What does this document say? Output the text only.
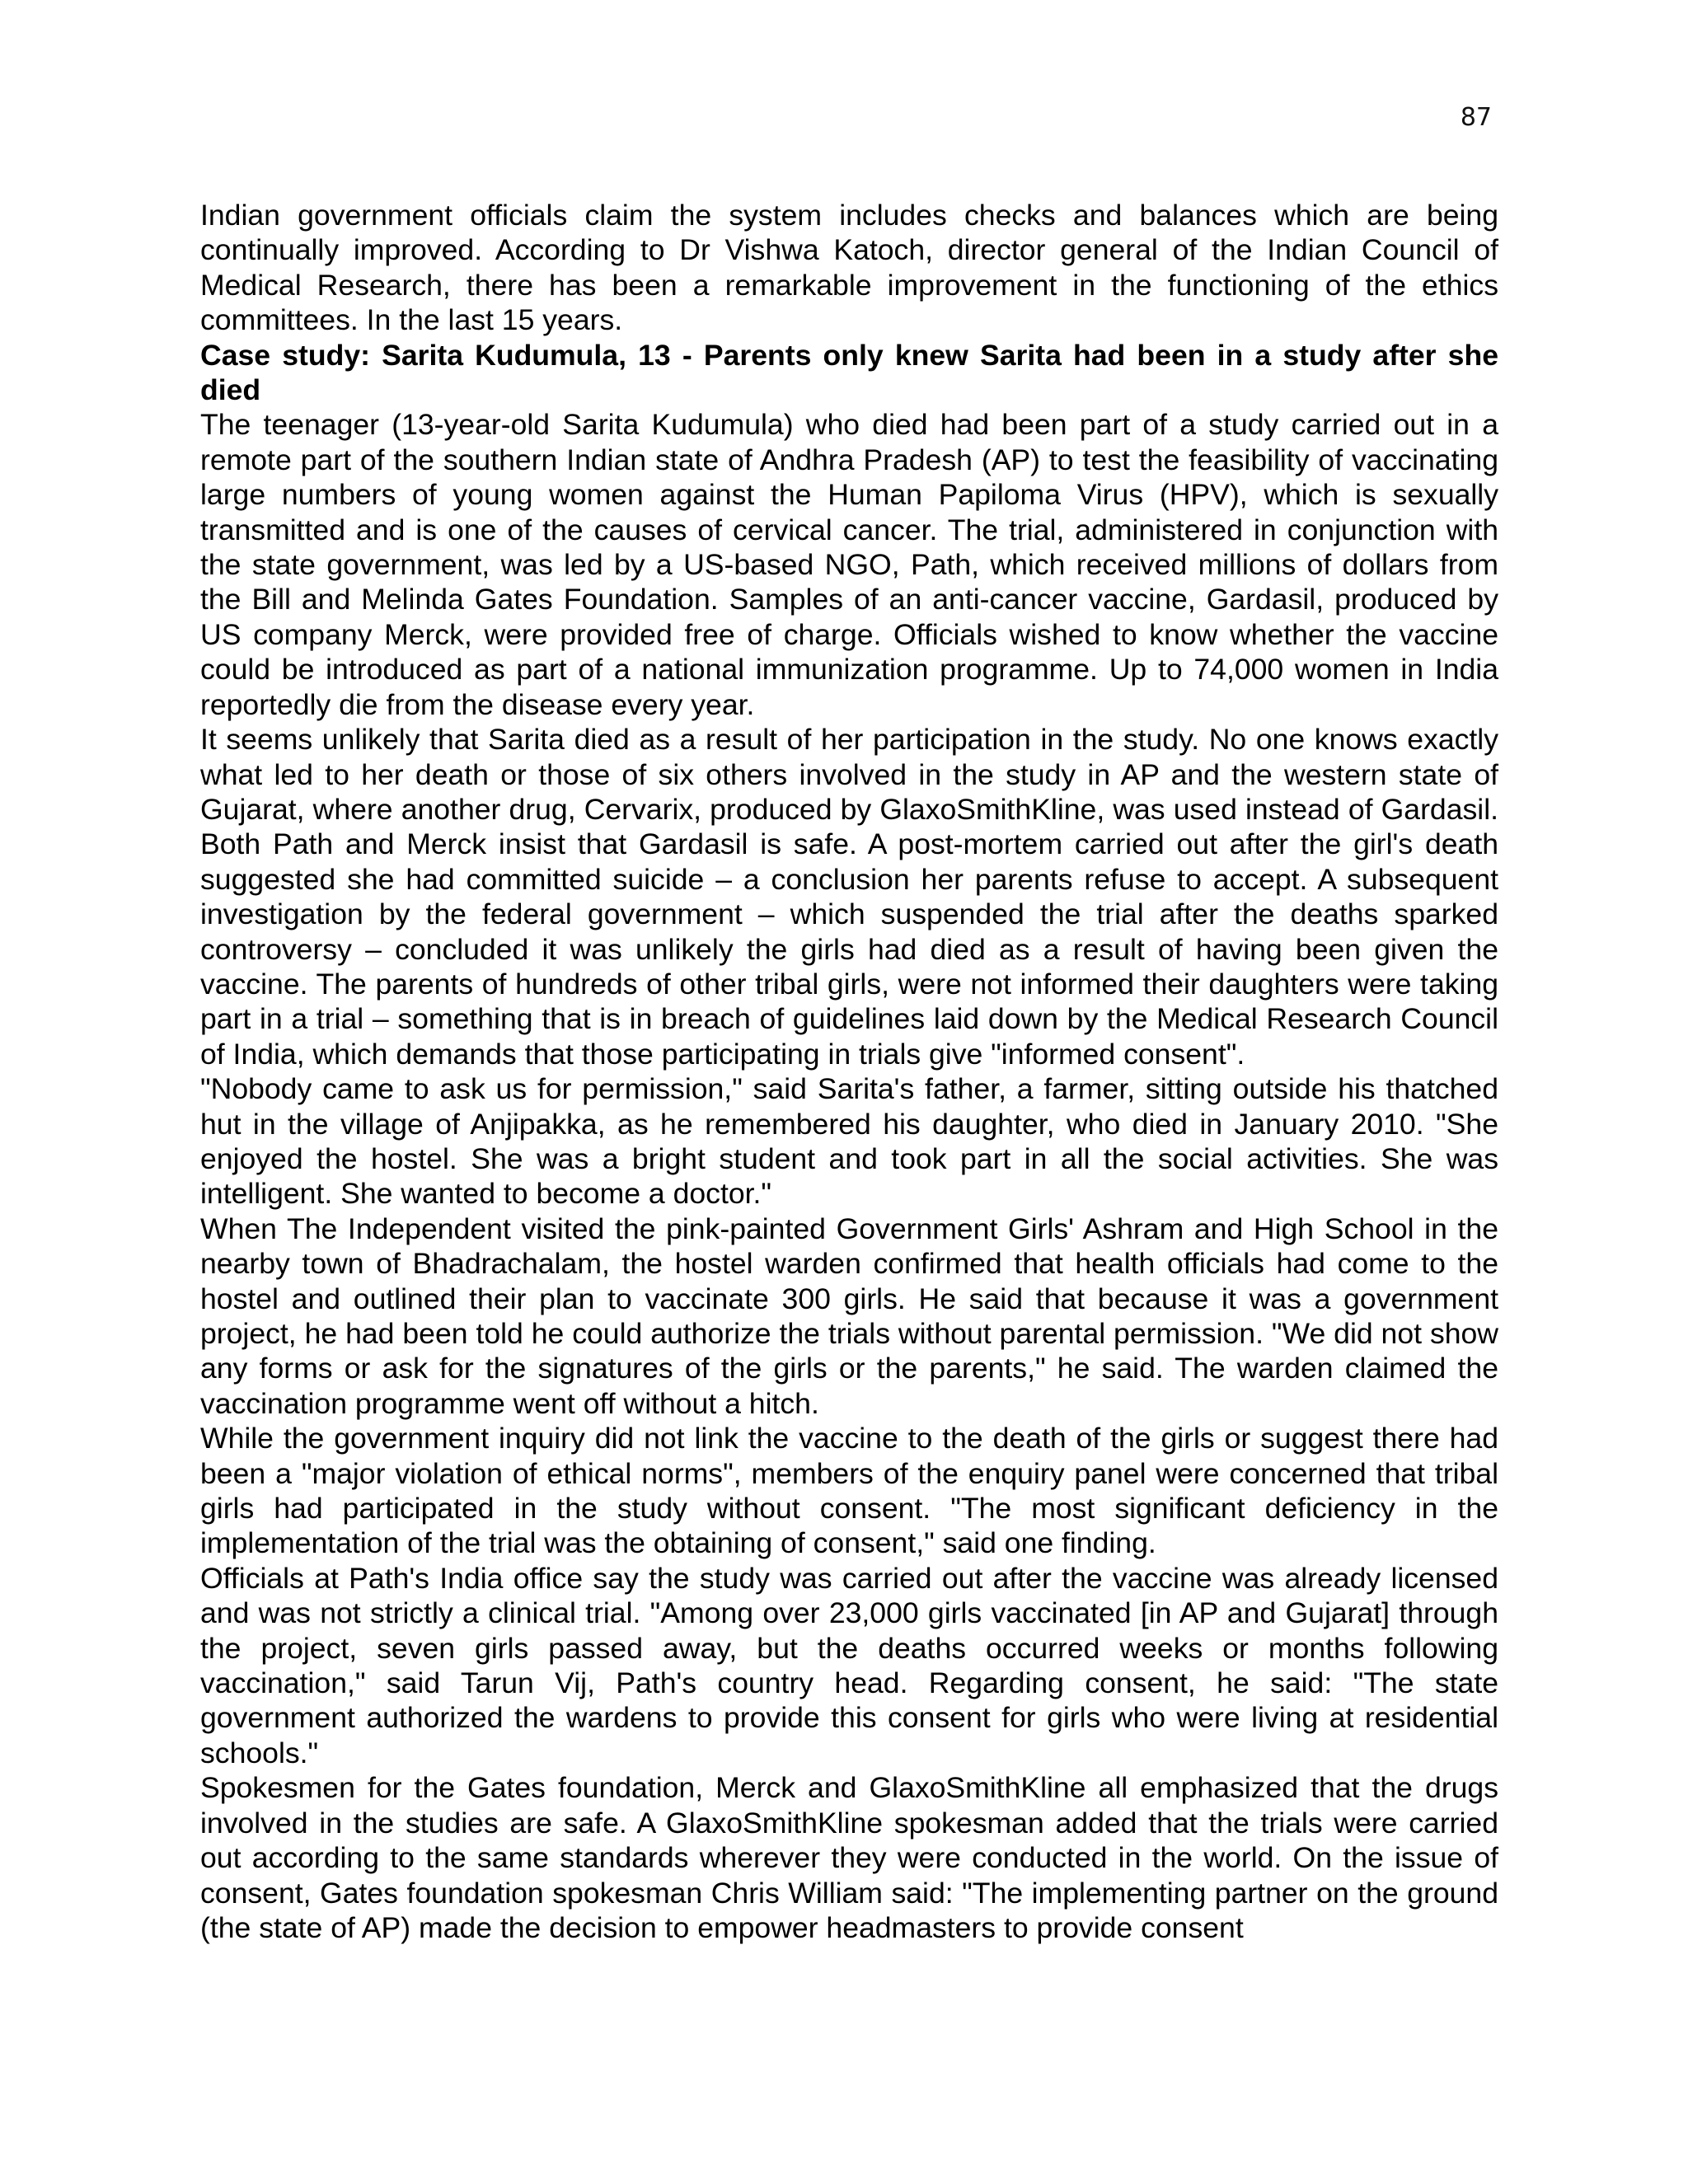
87

Indian government officials claim the system includes checks and balances which are being continually improved. According to Dr Vishwa Katoch, director general of the Indian Council of Medical Research, there has been a remarkable improvement in the functioning of the ethics committees. In the last 15 years.

Case study: Sarita Kudumula, 13 - Parents only knew Sarita had been in a study after she died

The teenager (13-year-old Sarita Kudumula) who died had been part of a study carried out in a remote part of the southern Indian state of Andhra Pradesh (AP) to test the feasibility of vaccinating large numbers of young women against the Human Papiloma Virus (HPV), which is sexually transmitted and is one of the causes of cervical cancer. The trial, administered in conjunction with the state government, was led by a US-based NGO, Path, which received millions of dollars from the Bill and Melinda Gates Foundation. Samples of an anti-cancer vaccine, Gardasil, produced by US company Merck, were provided free of charge. Officials wished to know whether the vaccine could be introduced as part of a national immunization programme. Up to 74,000 women in India reportedly die from the disease every year.

It seems unlikely that Sarita died as a result of her participation in the study. No one knows exactly what led to her death or those of six others involved in the study in AP and the western state of Gujarat, where another drug, Cervarix, produced by GlaxoSmithKline, was used instead of Gardasil. Both Path and Merck insist that Gardasil is safe. A post-mortem carried out after the girl's death suggested she had committed suicide – a conclusion her parents refuse to accept. A subsequent investigation by the federal government – which suspended the trial after the deaths sparked controversy – concluded it was unlikely the girls had died as a result of having been given the vaccine. The parents of hundreds of other tribal girls, were not informed their daughters were taking part in a trial – something that is in breach of guidelines laid down by the Medical Research Council of India, which demands that those participating in trials give "informed consent".

"Nobody came to ask us for permission," said Sarita's father, a farmer, sitting outside his thatched hut in the village of Anjipakka, as he remembered his daughter, who died in January 2010. "She enjoyed the hostel. She was a bright student and took part in all the social activities. She was intelligent. She wanted to become a doctor."

When The Independent visited the pink-painted Government Girls' Ashram and High School in the nearby town of Bhadrachalam, the hostel warden confirmed that health officials had come to the hostel and outlined their plan to vaccinate 300 girls. He said that because it was a government project, he had been told he could authorize the trials without parental permission. "We did not show any forms or ask for the signatures of the girls or the parents," he said. The warden claimed the vaccination programme went off without a hitch.

While the government inquiry did not link the vaccine to the death of the girls or suggest there had been a "major violation of ethical norms", members of the enquiry panel were concerned that tribal girls had participated in the study without consent. "The most significant deficiency in the implementation of the trial was the obtaining of consent," said one finding.

Officials at Path's India office say the study was carried out after the vaccine was already licensed and was not strictly a clinical trial. "Among over 23,000 girls vaccinated [in AP and Gujarat] through the project, seven girls passed away, but the deaths occurred weeks or months following vaccination," said Tarun Vij, Path's country head. Regarding consent, he said: "The state government authorized the wardens to provide this consent for girls who were living at residential schools."

Spokesmen for the Gates foundation, Merck and GlaxoSmithKline all emphasized that the drugs involved in the studies are safe. A GlaxoSmithKline spokesman added that the trials were carried out according to the same standards wherever they were conducted in the world. On the issue of consent, Gates foundation spokesman Chris William said: "The implementing partner on the ground (the state of AP) made the decision to empower headmasters to provide consent
